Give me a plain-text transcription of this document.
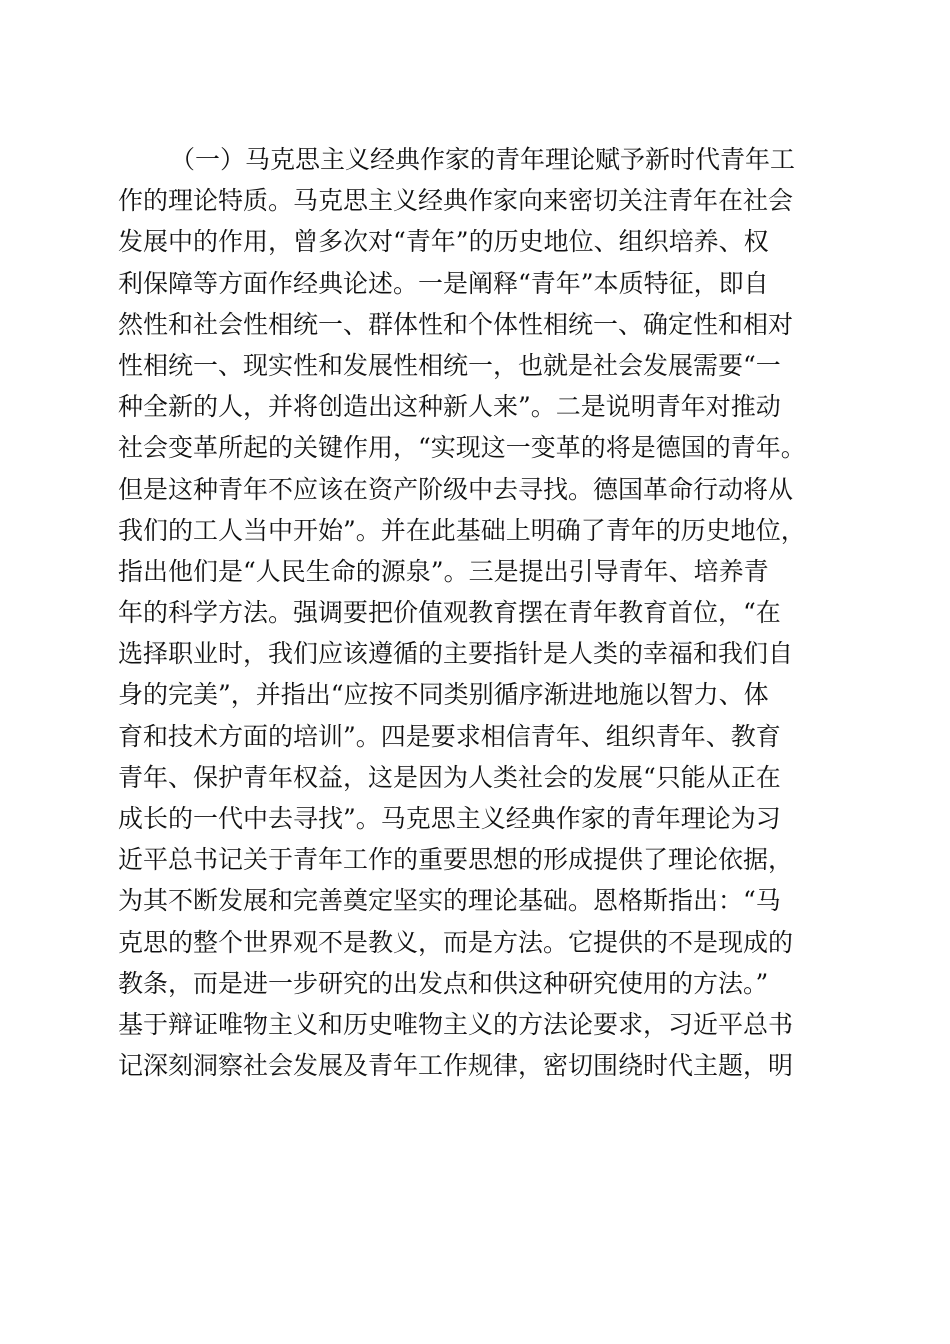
（一）马克思主义经典作家的青年理论赋予新时代青年工
作的理论特质。马克思主义经典作家向来密切关注青年在社会
发展中的作用，曾多次对“青年”的历史地位、组织培养、权
利保障等方面作经典论述。一是阐释“青年”本质特征，即自
然性和社会性相统一、群体性和个体性相统一、确定性和相对
性相统一、现实性和发展性相统一，也就是社会发展需要“一
种全新的人，并将创造出这种新人来”。二是说明青年对推动
社会变革所起的关键作用，“实现这一变革的将是德国的青年。
但是这种青年不应该在资产阶级中去寻找。德国革命行动将从
我们的工人当中开始”。并在此基础上明确了青年的历史地位，
指出他们是“人民生命的源泉”。三是提出引导青年、培养青
年的科学方法。强调要把价值观教育摆在青年教育首位，“在
选择职业时，我们应该遵循的主要指针是人类的幸福和我们自
身的完美”，并指出“应按不同类别循序渐进地施以智力、体
育和技术方面的培训”。四是要求相信青年、组织青年、教育
青年、保护青年权益，这是因为人类社会的发展“只能从正在
成长的一代中去寻找”。马克思主义经典作家的青年理论为习
近平总书记关于青年工作的重要思想的形成提供了理论依据，
为其不断发展和完善奠定坚实的理论基础。恩格斯指出：“马
克思的整个世界观不是教义，而是方法。它提供的不是现成的
教条，而是进一步研究的出发点和供这种研究使用的方法。”
基于辩证唯物主义和历史唯物主义的方法论要求，习近平总书
记深刻洞察社会发展及青年工作规律，密切围绕时代主题，明
